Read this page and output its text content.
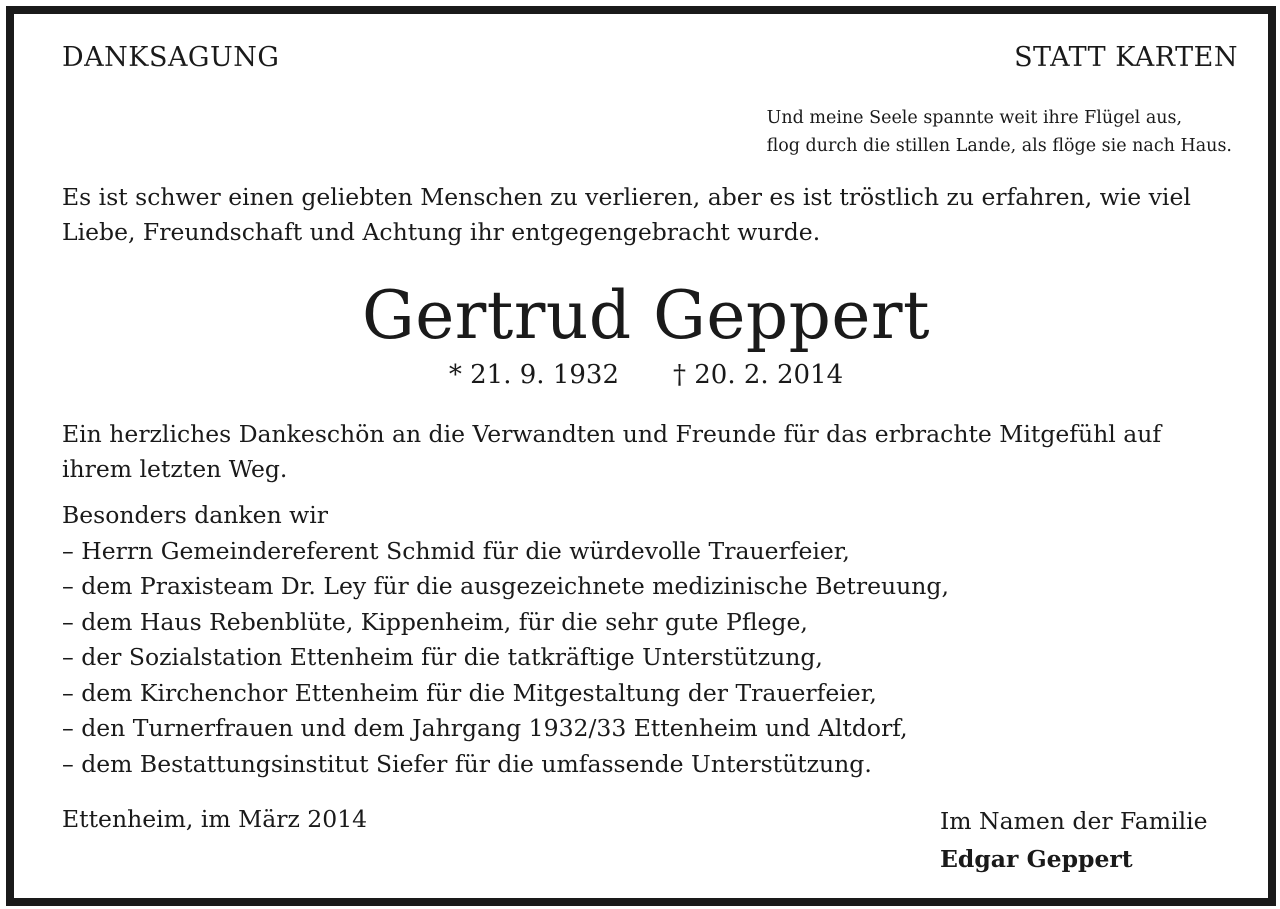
DANKSAGUNG	STATT KARTEN
Und meine Seele spannte weit ihre Flügel aus,
flog durch die stillen Lande, als flöge sie nach Haus.
Es ist schwer einen geliebten Menschen zu verlieren, aber es ist tröstlich zu erfahren, wie viel Liebe, Freundschaft und Achtung ihr entgegengebracht wurde.
Gertrud Geppert
* 21. 9. 1932 † 20. 2. 2014
Ein herzliches Dankeschön an die Verwandten und Freunde für das erbrachte Mitgefühl auf ihrem letzten Weg.
Besonders danken wir
– Herrn Gemeindereferent Schmid für die würdevolle Trauerfeier,
– dem Praxisteam Dr. Ley für die ausgezeichnete medizinische Betreuung,
– dem Haus Rebenblüte, Kippenheim, für die sehr gute Pflege,
– der Sozialstation Ettenheim für die tatkräftige Unterstützung,
– dem Kirchenchor Ettenheim für die Mitgestaltung der Trauerfeier,
– den Turnerfrauen und dem Jahrgang 1932/33 Ettenheim und Altdorf,
– dem Bestattungsinstitut Siefer für die umfassende Unterstützung.
Ettenheim, im März 2014	Im Namen der Familie
Edgar Geppert
